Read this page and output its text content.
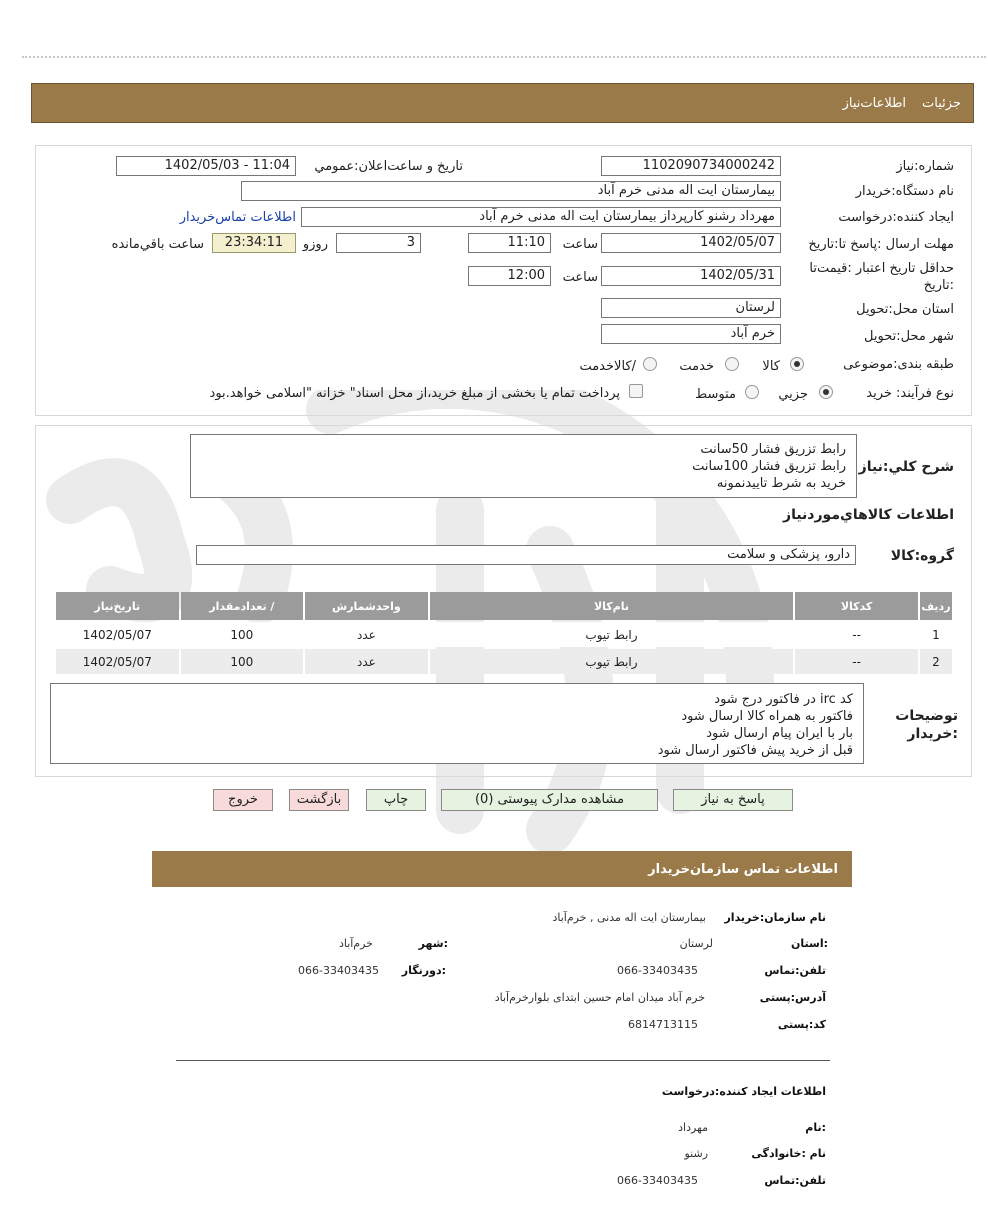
جزئیات
اطلاعات‌نیاز
شماره:نیاز
1102090734000242
تاریخ و ساعت‌اعلان:عمومي
1402/05/03 - 11:04
نام دستگاه:خریدار
بیمارستان ایت اله مدنی خرم آباد
ایجاد کننده:درخواست
مهرداد رشنو کارپرداز بیمارستان ایت اله مدنی خرم آباد
اطلاعات تماس‌خریدار
مهلت ارسال :پاسخ تا:تاریخ
1402/05/07
ساعت
11:10
3
روزو
23:34:11
ساعت باقي‌مانده
حداقل تاریخ اعتبار :قیمت‌تا
:تاریخ
1402/05/31
ساعت
12:00
استان محل:تحویل
لرستان
شهر محل:تحویل
خرم آباد
طبقه بندی:موضوعی
کالا
خدمت
/کالاخدمت
نوع فرآیند: خرید
جزیي
متوسط
پرداخت تمام یا بخشی از مبلغ خرید،از محل اسناد" خزانه "اسلامی خواهد.بود
شرح کلي:نياز
رابط تزریق فشار 50سانت
رابط تزریق فشار 100سانت
خرید به شرط تاییدنمونه
اطلاعات کالاهاي‌موردنياز
گروه:کالا
دارو، پزشکی و سلامت
ردیف	کدکالا	نام‌کالا	واحدشمارش	/ تعدادمقدار	تاریخ‌نیاز
1	--	رابط تیوب	عدد	100	1402/05/07
2	--	رابط تیوب	عدد	100	1402/05/07
توضیحات
:خریدار
کد irc در فاکتور درج شود
فاکتور به همراه کالا ارسال شود
بار با ایران پیام ارسال شود
قبل از خرید پیش فاکتور ارسال شود
پاسخ به نیاز
مشاهده مدارک پیوستی (0)
چاپ
بازگشت
خروج
اطلاعات تماس سازمان‌خریدار
نام سازمان:خریدار
بیمارستان ایت اله مدنی , خرم‌آباد
:استان
لرستان
:شهر
خرم‌آباد
تلفن:تماس
066-33403435
:دورنگار
066-33403435
آدرس:پستی
خرم آباد میدان امام حسین ابتدای بلوارخرم‌آباد
کد:پستی
6814713115
اطلاعات ایجاد کننده:درخواست
:نام
مهرداد
نام :خانوادگی
رشنو
تلفن:تماس
066-33403435
